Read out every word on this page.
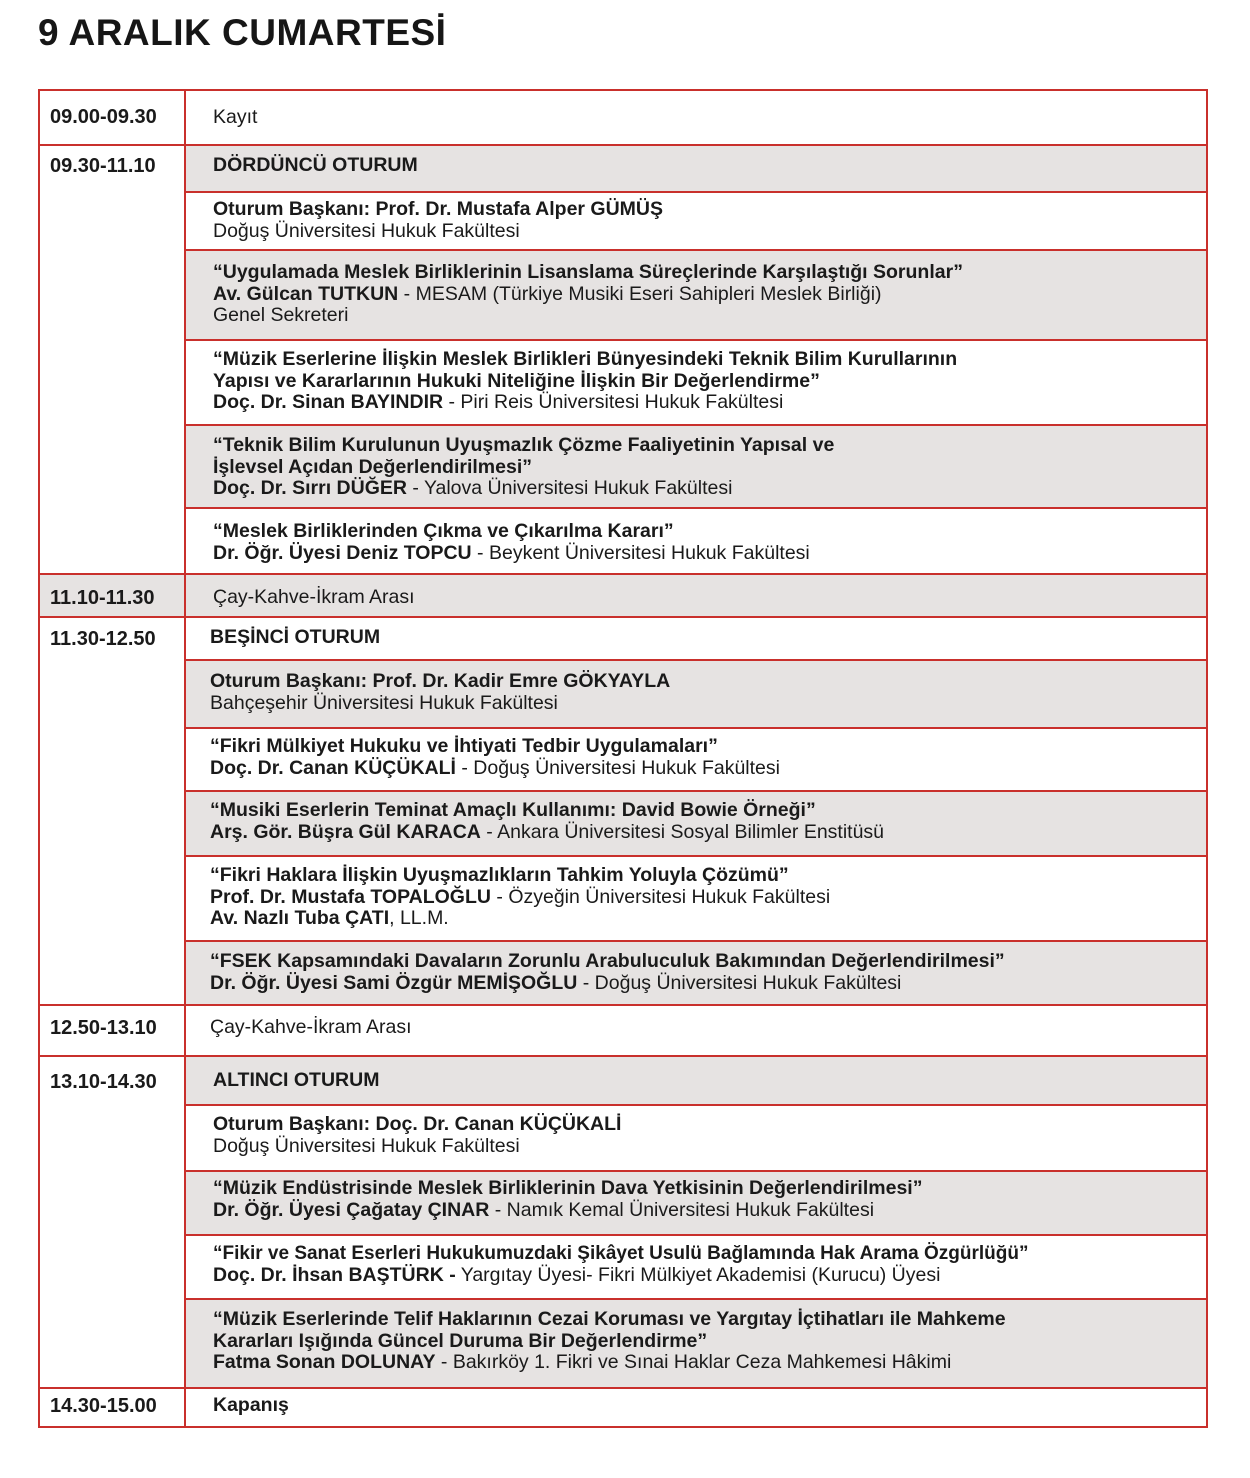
9 ARALIK CUMARTESİ
09.00-09.30
09.30-11.10
11.10-11.30
11.30-12.50
12.50-13.10
13.10-14.30
14.30-15.00
Kayıt
DÖRDÜNCÜ OTURUM
Oturum Başkanı: Prof. Dr. Mustafa Alper GÜMÜŞ
Doğuş Üniversitesi Hukuk Fakültesi
“Uygulamada Meslek Birliklerinin Lisanslama Süreçlerinde Karşılaştığı Sorunlar”
Av. Gülcan TUTKUN - MESAM (Türkiye Musiki Eseri Sahipleri Meslek Birliği)
Genel Sekreteri
“Müzik Eserlerine İlişkin Meslek Birlikleri Bünyesindeki Teknik Bilim Kurullarının
Yapısı ve Kararlarının Hukuki Niteliğine İlişkin Bir Değerlendirme”
Doç. Dr. Sinan BAYINDIR - Piri Reis Üniversitesi Hukuk Fakültesi
“Teknik Bilim Kurulunun Uyuşmazlık Çözme Faaliyetinin Yapısal ve
İşlevsel Açıdan Değerlendirilmesi”
Doç. Dr. Sırrı DÜĞER - Yalova Üniversitesi Hukuk Fakültesi
“Meslek Birliklerinden Çıkma ve Çıkarılma Kararı”
Dr. Öğr. Üyesi Deniz TOPCU - Beykent Üniversitesi Hukuk Fakültesi
Çay-Kahve-İkram Arası
BEŞİNCİ OTURUM
Oturum Başkanı: Prof. Dr. Kadir Emre GÖKYAYLA
Bahçeşehir Üniversitesi Hukuk Fakültesi
“Fikri Mülkiyet Hukuku ve İhtiyati Tedbir Uygulamaları”
Doç. Dr. Canan KÜÇÜKALİ - Doğuş Üniversitesi Hukuk Fakültesi
“Musiki Eserlerin Teminat Amaçlı Kullanımı: David Bowie Örneği”
Arş. Gör. Büşra Gül KARACA - Ankara Üniversitesi Sosyal Bilimler Enstitüsü
“Fikri Haklara İlişkin Uyuşmazlıkların Tahkim Yoluyla Çözümü”
Prof. Dr. Mustafa TOPALOĞLU - Özyeğin Üniversitesi Hukuk Fakültesi
Av. Nazlı Tuba ÇATI, LL.M.
“FSEK Kapsamındaki Davaların Zorunlu Arabuluculuk Bakımından Değerlendirilmesi”
Dr. Öğr. Üyesi Sami Özgür MEMİŞOĞLU - Doğuş Üniversitesi Hukuk Fakültesi
Çay-Kahve-İkram Arası
ALTINCI OTURUM
Oturum Başkanı: Doç. Dr. Canan KÜÇÜKALİ
Doğuş Üniversitesi Hukuk Fakültesi
“Müzik Endüstrisinde Meslek Birliklerinin Dava Yetkisinin Değerlendirilmesi”
Dr. Öğr. Üyesi Çağatay ÇINAR - Namık Kemal Üniversitesi Hukuk Fakültesi
“Fikir ve Sanat Eserleri Hukukumuzdaki Şikâyet Usulü Bağlamında Hak Arama Özgürlüğü”
Doç. Dr. İhsan BAŞTÜRK - Yargıtay Üyesi- Fikri Mülkiyet Akademisi (Kurucu) Üyesi
“Müzik Eserlerinde Telif Haklarının Cezai Koruması ve Yargıtay İçtihatları ile Mahkeme
Kararları Işığında Güncel Duruma Bir Değerlendirme”
Fatma Sonan DOLUNAY - Bakırköy 1. Fikri ve Sınai Haklar Ceza Mahkemesi Hâkimi
Kapanış
